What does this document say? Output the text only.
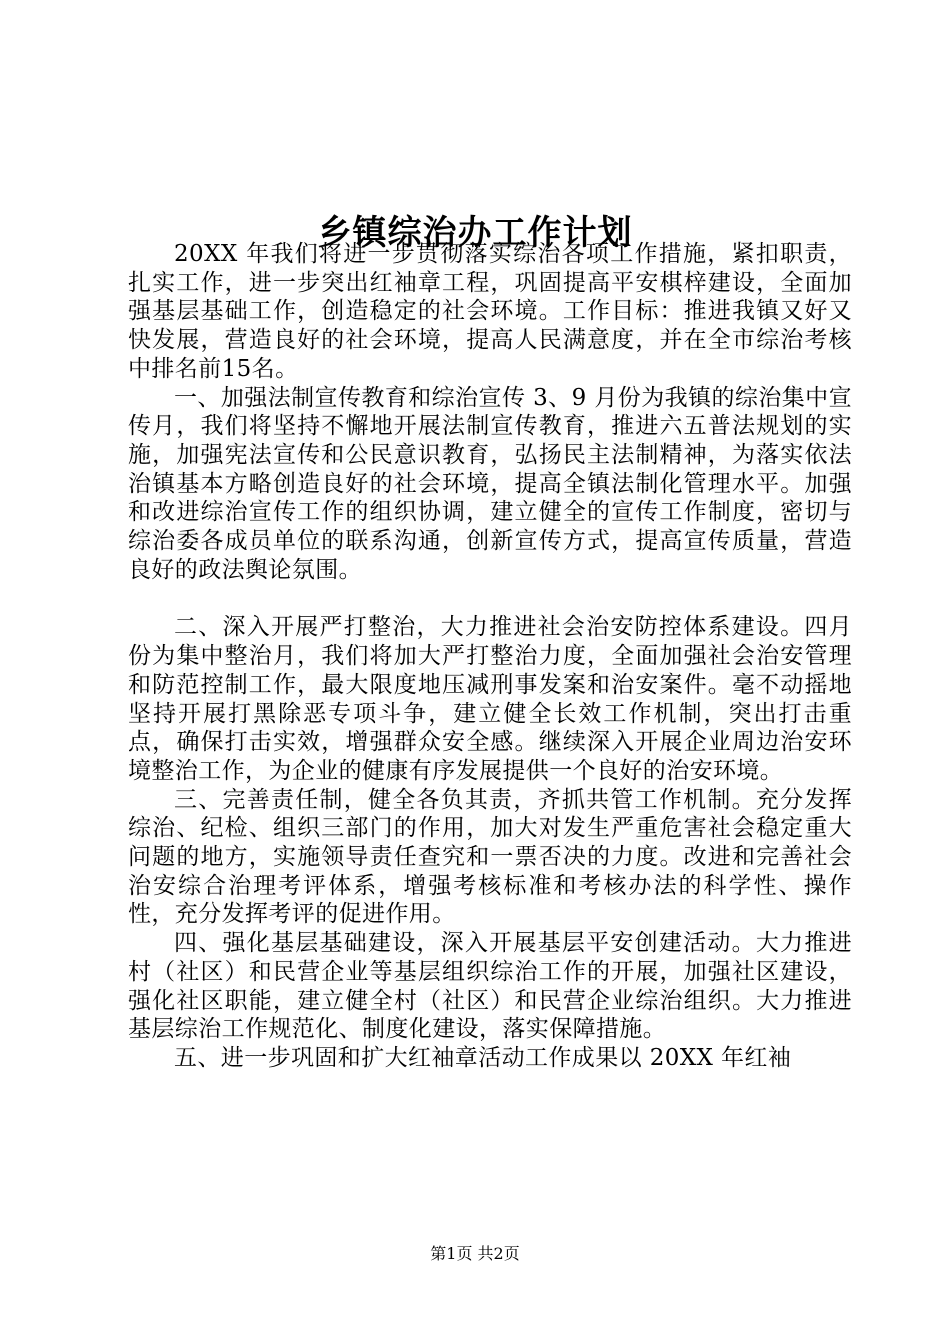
乡镇综治办工作计划

20XX 年我们将进一步贯彻落实综治各项工作措施，紧扣职责，扎实工作，进一步突出红袖章工程，巩固提高平安棋梓建设，全面加强基层基础工作，创造稳定的社会环境。工作目标：推进我镇又好又快发展，营造良好的社会环境，提高人民满意度，并在全市综治考核中排名前15名。

一、加强法制宣传教育和综治宣传 3、9 月份为我镇的综治集中宣传月，我们将坚持不懈地开展法制宣传教育，推进六五普法规划的实施，加强宪法宣传和公民意识教育，弘扬民主法制精神，为落实依法治镇基本方略创造良好的社会环境，提高全镇法制化管理水平。加强和改进综治宣传工作的组织协调，建立健全的宣传工作制度，密切与综治委各成员单位的联系沟通，创新宣传方式，提高宣传质量，营造良好的政法舆论氛围。

二、深入开展严打整治，大力推进社会治安防控体系建设。四月份为集中整治月，我们将加大严打整治力度，全面加强社会治安管理和防范控制工作，最大限度地压减刑事发案和治安案件。毫不动摇地坚持开展打黑除恶专项斗争，建立健全长效工作机制，突出打击重点，确保打击实效，增强群众安全感。继续深入开展企业周边治安环境整治工作，为企业的健康有序发展提供一个良好的治安环境。

三、完善责任制，健全各负其责，齐抓共管工作机制。充分发挥综治、纪检、组织三部门的作用，加大对发生严重危害社会稳定重大问题的地方，实施领导责任查究和一票否决的力度。改进和完善社会治安综合治理考评体系，增强考核标准和考核办法的科学性、操作性，充分发挥考评的促进作用。

四、强化基层基础建设，深入开展基层平安创建活动。大力推进村（社区）和民营企业等基层组织综治工作的开展，加强社区建设，强化社区职能，建立健全村（社区）和民营企业综治组织。大力推进基层综治工作规范化、制度化建设，落实保障措施。

五、进一步巩固和扩大红袖章活动工作成果以 20XX 年红袖

第1页 共2页
